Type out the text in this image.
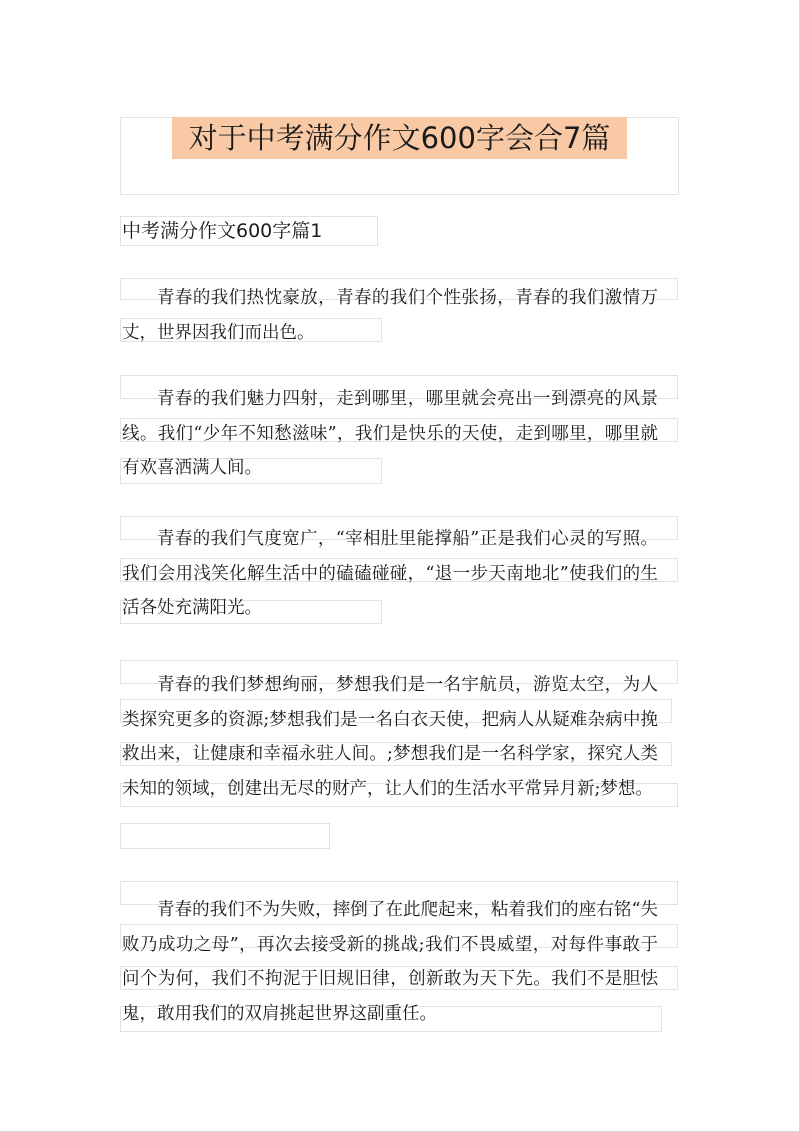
对于中考满分作文600字会合7篇
中考满分作文600字篇1

青春的我们热忱豪放，青春的我们个性张扬，青春的我们激情万丈，世界因我们而出色。

青春的我们魅力四射，走到哪里，哪里就会亮出一到漂亮的风景线。我们“少年不知愁滋味”，我们是快乐的天使，走到哪里，哪里就有欢喜洒满人间。

青春的我们气度宽广，“宰相肚里能撑船”正是我们心灵的写照。我们会用浅笑化解生活中的磕磕碰碰，“退一步天南地北”使我们的生活各处充满阳光。

青春的我们梦想绚丽，梦想我们是一名宇航员，游览太空，为人类探究更多的资源;梦想我们是一名白衣天使，把病人从疑难杂病中挽救出来，让健康和幸福永驻人间。;梦想我们是一名科学家，探究人类未知的领域，创建出无尽的财产，让人们的生活水平常异月新;梦想。

青春的我们不为失败，摔倒了在此爬起来，粘着我们的座右铭“失败乃成功之母”，再次去接受新的挑战;我们不畏威望，对每件事敢于问个为何，我们不拘泥于旧规旧律，创新敢为天下先。我们不是胆怯鬼，敢用我们的双肩挑起世界这副重任。
